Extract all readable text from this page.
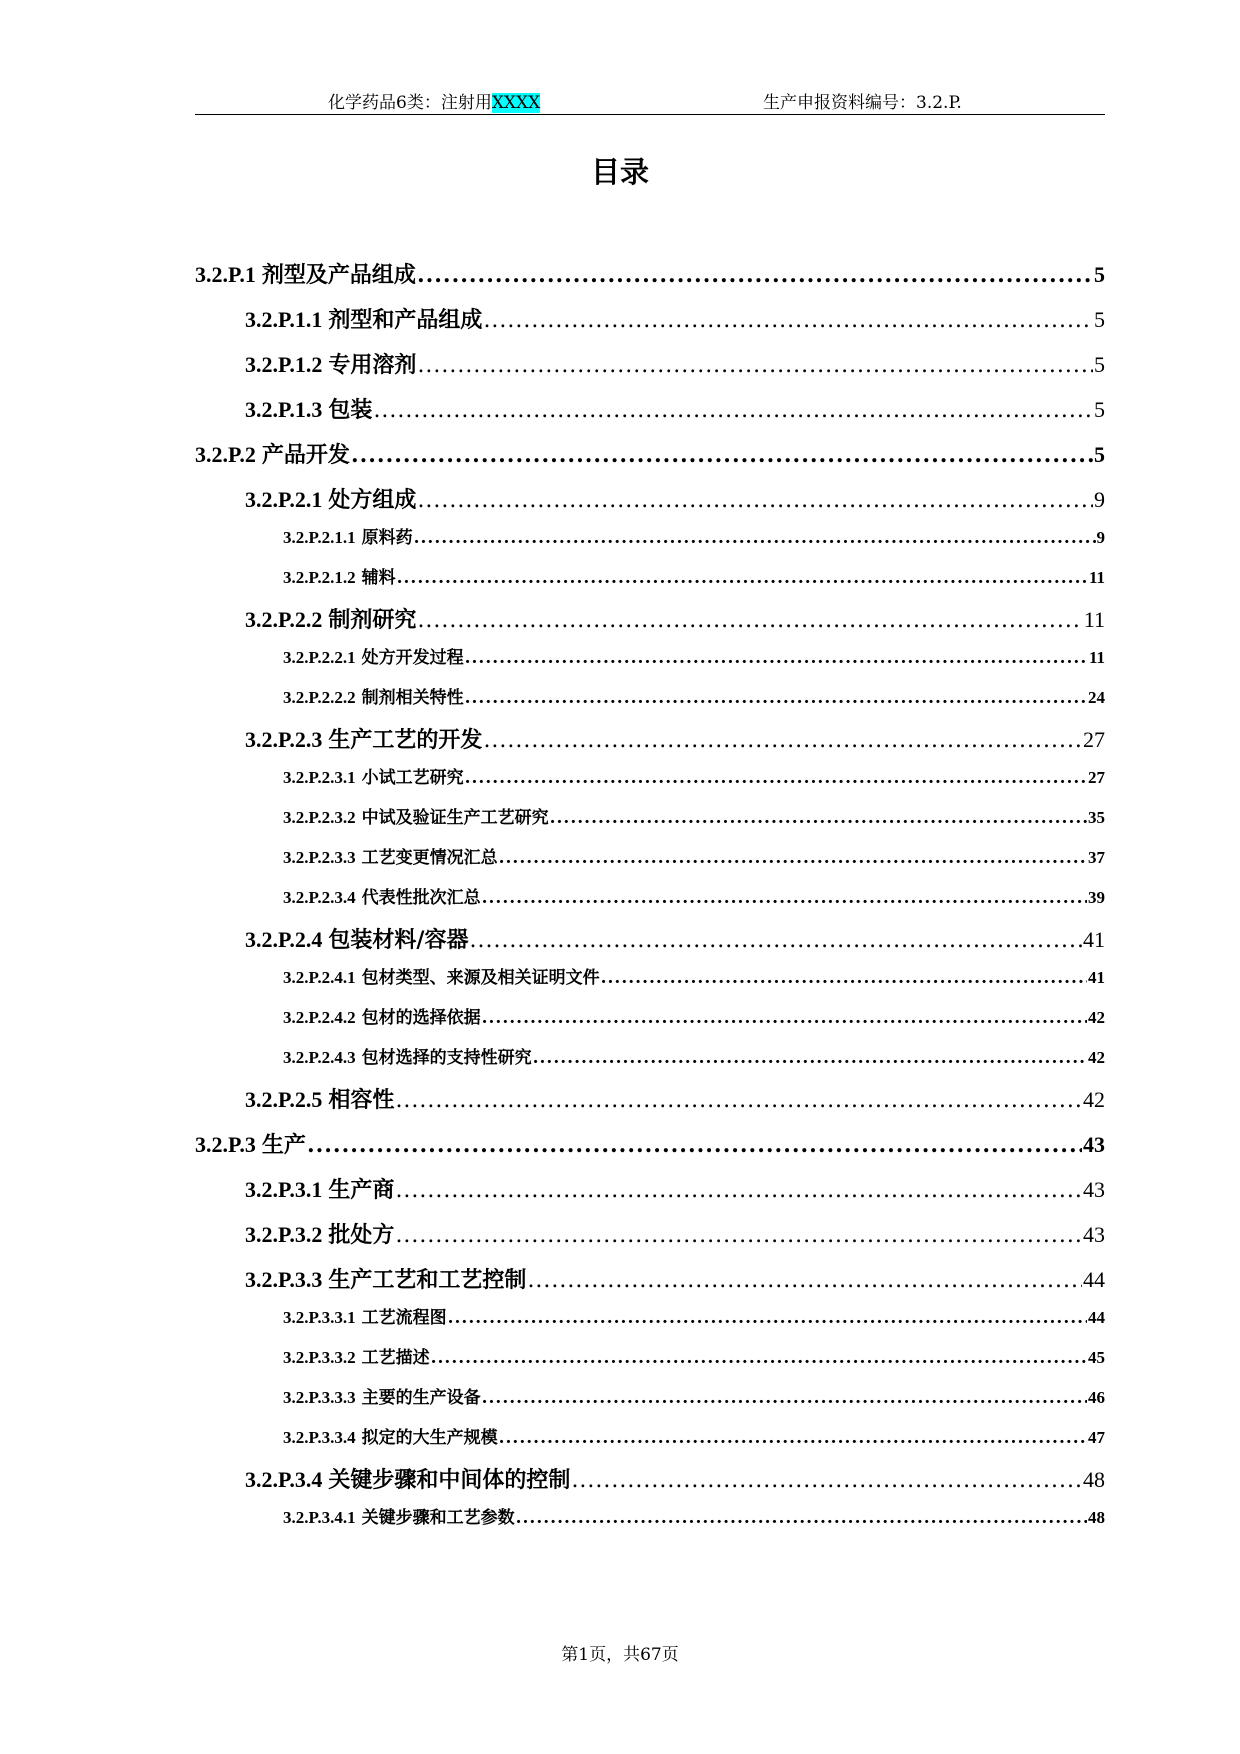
化学药品6类：注射用XXXX	生产申报资料编号：3.2.P.
目录
3.2.P.1 剂型及产品组成 .....	5
3.2.P.1.1 剂型和产品组成 .....	5
3.2.P.1.2 专用溶剂 .....	5
3.2.P.1.3 包装 .....	5
3.2.P.2 产品开发 .....	5
3.2.P.2.1 处方组成 .....	9
3.2.P.2.1.1 原料药 .....	9
3.2.P.2.1.2 辅料 .....	11
3.2.P.2.2 制剂研究 .....	11
3.2.P.2.2.1 处方开发过程 .....	11
3.2.P.2.2.2 制剂相关特性 .....	24
3.2.P.2.3 生产工艺的开发 .....	27
3.2.P.2.3.1 小试工艺研究 .....	27
3.2.P.2.3.2 中试及验证生产工艺研究 .....	35
3.2.P.2.3.3 工艺变更情况汇总 .....	37
3.2.P.2.3.4 代表性批次汇总 .....	39
3.2.P.2.4 包装材料/容器 .....	41
3.2.P.2.4.1 包材类型、来源及相关证明文件 .....	41
3.2.P.2.4.2 包材的选择依据 .....	42
3.2.P.2.4.3 包材选择的支持性研究 .....	42
3.2.P.2.5 相容性 .....	42
3.2.P.3 生产 .....	43
3.2.P.3.1 生产商 .....	43
3.2.P.3.2 批处方 .....	43
3.2.P.3.3 生产工艺和工艺控制 .....	44
3.2.P.3.3.1 工艺流程图 .....	44
3.2.P.3.3.2 工艺描述 .....	45
3.2.P.3.3.3 主要的生产设备 .....	46
3.2.P.3.3.4 拟定的大生产规模 .....	47
3.2.P.3.4 关键步骤和中间体的控制 .....	48
3.2.P.3.4.1 关键步骤和工艺参数 .....	48
第1页，共67页
